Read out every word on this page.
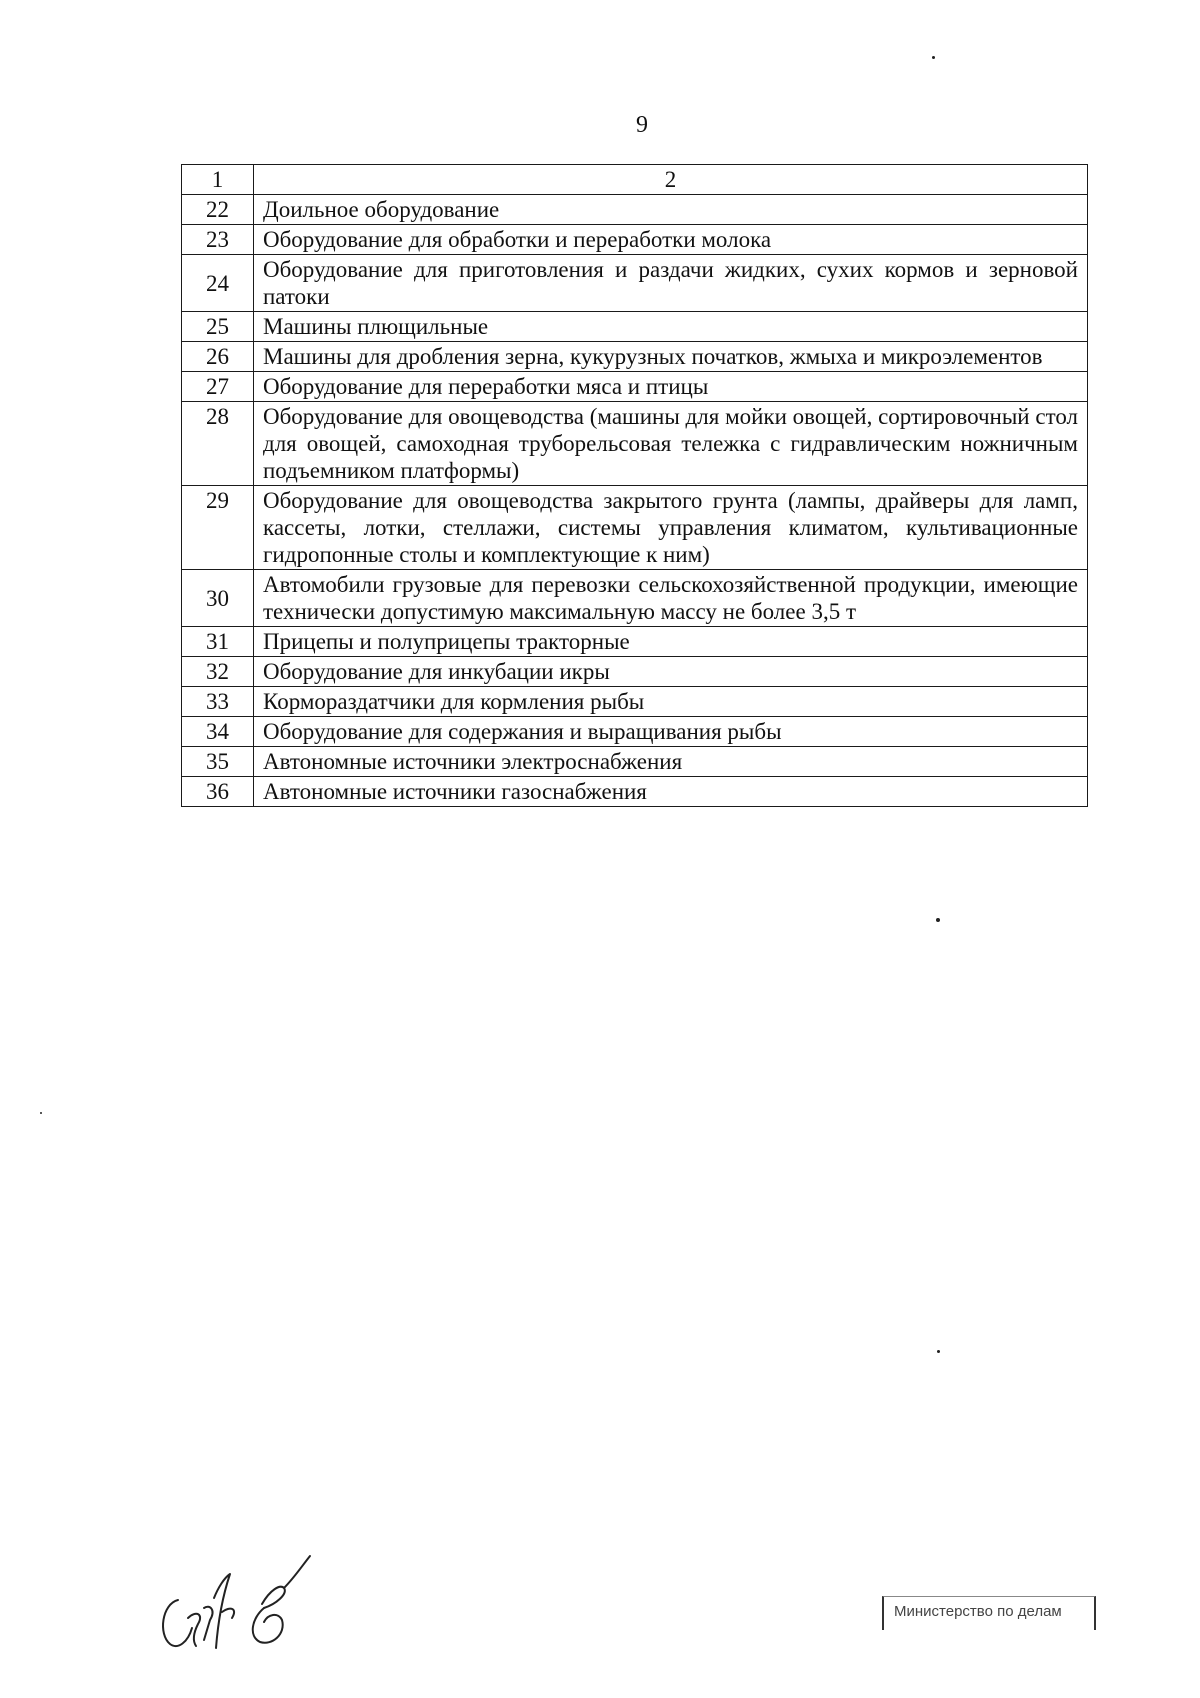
9
1	2
22	Доильное оборудование
23	Оборудование для обработки и переработки молока
24	Оборудование для приготовления и раздачи жидких, сухих кормов и зерновой патоки
25	Машины плющильные
26	Машины для дробления зерна, кукурузных початков, жмыха и микроэлементов
27	Оборудование для переработки мяса и птицы
28	Оборудование для овощеводства (машины для мойки овощей, сортировочный стол для овощей, самоходная трубoрельсовая тележка с гидравлическим ножничным подъемником платформы)
29	Оборудование для овощеводства закрытого грунта (лампы, драйверы для ламп, кассеты, лотки, стеллажи, системы управления климатом, культивационные гидропонные столы и комплектующие к ним)
30	Автомобили грузовые для перевозки сельскохозяйственной продукции, имеющие технически допустимую максимальную массу не более 3,5 т
31	Прицепы и полуприцепы тракторные
32	Оборудование для инкубации икры
33	Кормораздатчики для кормления рыбы
34	Оборудование для содержания и выращивания рыбы
35	Автономные источники электроснабжения
36	Автономные источники газоснабжения
Министерство по делам
